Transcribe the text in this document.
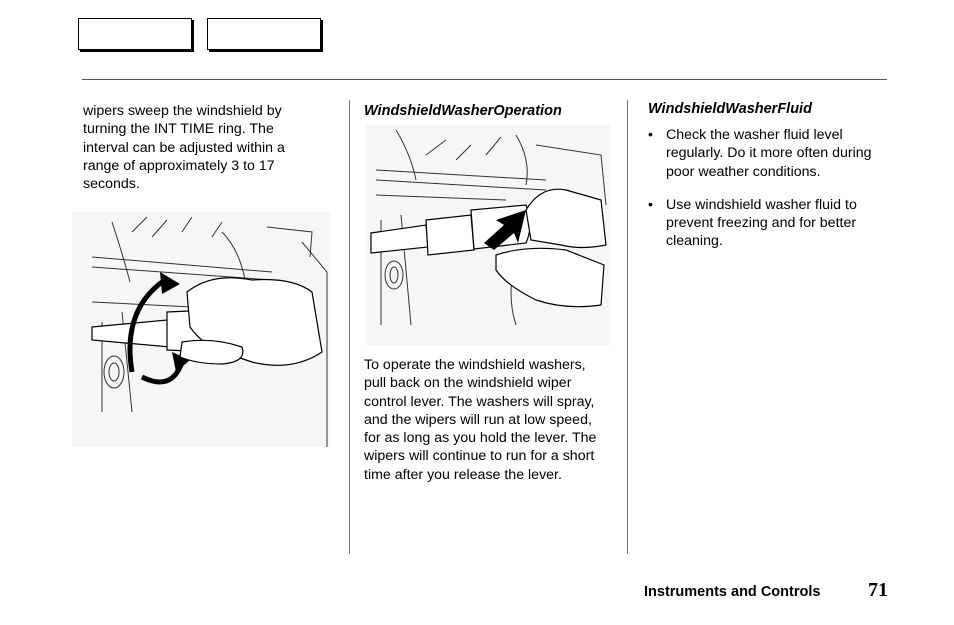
wipers sweep the windshield by turning the INT TIME ring. The interval can be adjusted within a range of approximately 3 to 17 seconds.

WindshieldWasherOperation

To operate the windshield washers, pull back on the windshield wiper control lever. The washers will spray, and the wipers will run at low speed, for as long as you hold the lever. The wipers will continue to run for a short time after you release the lever.

WindshieldWasherFluid
• Check the washer fluid level regularly. Do it more often during poor weather conditions.
• Use windshield washer fluid to prevent freezing and for better cleaning.
Instruments and Controls 71
